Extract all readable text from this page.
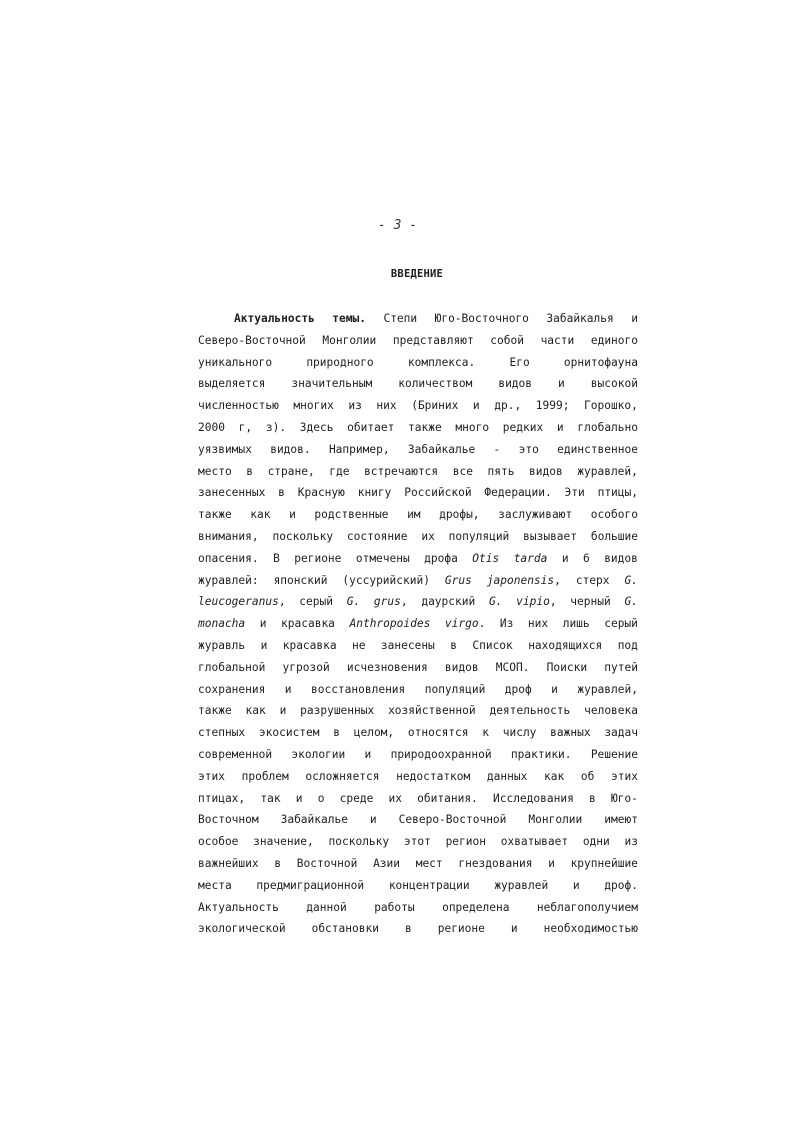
- 3 -
ВВЕДЕНИЕ
Актуальность темы. Степи Юго-Восточного Забайкалья и
Северо-Восточной Монголии представляют собой части единого
уникального	природного	комплекса.	Его	орнитофауна
выделяется значительным количеством видов и высокой
численностью многих из них (Бриних и др., 1999; Горошко,
2000 г, з). Здесь обитает также много редких и глобально
уязвимых видов. Например, Забайкалье - это единственное
место в стране, где встречаются все пять видов журавлей,
занесенных в Красную книгу Российской Федерации. Эти птицы,
также как и родственные им дрофы, заслуживают особого
внимания, поскольку состояние их популяций вызывает большие
опасения. В регионе отмечены дрофа Otis tarda и 6 видов
журавлей: японский (уссурийский) Grus japonensis, стерх G.
leucogeranus, серый G. grus, даурский G. vipio, черный G.
monacha и красавка Anthropoides virgo. Из них лишь серый
журавль и красавка не занесены в Список находящихся под
глобальной угрозой исчезновения видов МСОП. Поиски путей
сохранения и восстановления популяций дроф и журавлей,
также как и разрушенных хозяйственной деятельность человека
степных экосистем в целом, относятся к числу важных задач
современной экологии и природоохранной практики. Решение
этих проблем осложняется недостатком данных как об этих
птицах, так и о среде их обитания. Исследования в Юго-
Восточном Забайкалье и Северо-Восточной Монголии имеют
особое значение, поскольку этот регион охватывает одни из
важнейших в Восточной Азии мест гнездования и крупнейшие
места предмиграционной концентрации журавлей и дроф.
Актуальность данной работы определена неблагополучием
экологической обстановки в регионе и необходимостью
